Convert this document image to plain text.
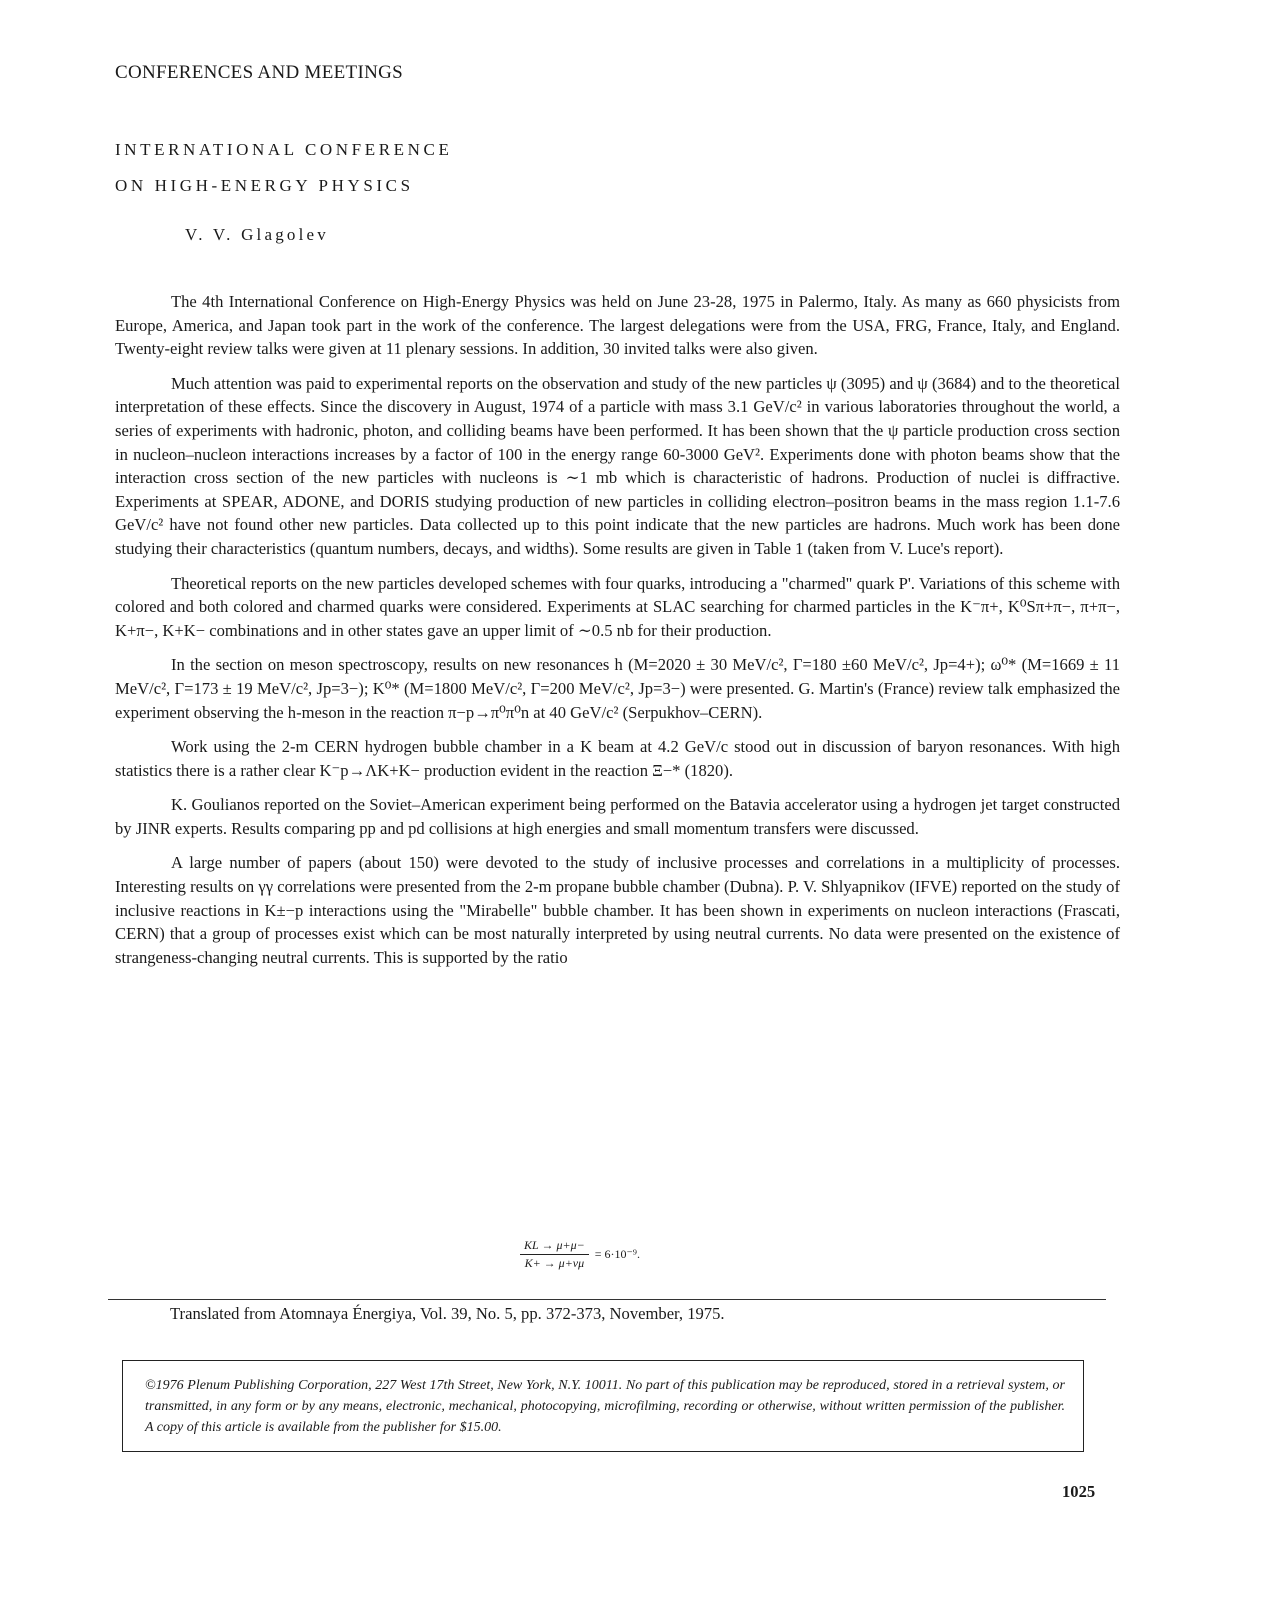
CONFERENCES AND MEETINGS
INTERNATIONAL CONFERENCE
ON HIGH-ENERGY PHYSICS
V. V. Glagolev

The 4th International Conference on High-Energy Physics was held on June 23-28, 1975 in Palermo, Italy. As many as 660 physicists from Europe, America, and Japan took part in the work of the conference. The largest delegations were from the USA, FRG, France, Italy, and England. Twenty-eight review talks were given at 11 plenary sessions. In addition, 30 invited talks were also given.

Much attention was paid to experimental reports on the observation and study of the new particles ψ (3095) and ψ (3684) and to the theoretical interpretation of these effects. Since the discovery in August, 1974 of a particle with mass 3.1 GeV/c² in various laboratories throughout the world, a series of experiments with hadronic, photon, and colliding beams have been performed. It has been shown that the ψ particle production cross section in nucleon–nucleon interactions increases by a factor of 100 in the energy range 60-3000 GeV². Experiments done with photon beams show that the interaction cross section of the new particles with nucleons is ∼1 mb which is characteristic of hadrons. Production of nuclei is diffractive. Experiments at SPEAR, ADONE, and DORIS studying production of new particles in colliding electron–positron beams in the mass region 1.1-7.6 GeV/c² have not found other new particles. Data collected up to this point indicate that the new particles are hadrons. Much work has been done studying their characteristics (quantum numbers, decays, and widths). Some results are given in Table 1 (taken from V. Luce's report).

Theoretical reports on the new particles developed schemes with four quarks, introducing a "charmed" quark P'. Variations of this scheme with colored and both colored and charmed quarks were considered. Experiments at SLAC searching for charmed particles in the K⁻π+, K⁰Sπ+π−, π+π−, K+π−, K+K− combinations and in other states gave an upper limit of ∼0.5 nb for their production.

In the section on meson spectroscopy, results on new resonances h (M=2020 ± 30 MeV/c², Γ=180 ±60 MeV/c², Jp=4+); ω⁰* (M=1669 ± 11 MeV/c², Γ=173 ± 19 MeV/c², Jp=3−); K⁰* (M=1800 MeV/c², Γ=200 MeV/c², Jp=3−) were presented. G. Martin's (France) review talk emphasized the experiment observing the h-meson in the reaction π−p→π⁰π⁰n at 40 GeV/c² (Serpukhov–CERN).

Work using the 2-m CERN hydrogen bubble chamber in a K beam at 4.2 GeV/c stood out in discussion of baryon resonances. With high statistics there is a rather clear K⁻p→ΛK+K− production evident in the reaction Ξ−* (1820).

K. Goulianos reported on the Soviet–American experiment being performed on the Batavia accelerator using a hydrogen jet target constructed by JINR experts. Results comparing pp and pd collisions at high energies and small momentum transfers were discussed.

A large number of papers (about 150) were devoted to the study of inclusive processes and correlations in a multiplicity of processes. Interesting results on γγ correlations were presented from the 2-m propane bubble chamber (Dubna). P. V. Shlyapnikov (IFVE) reported on the study of inclusive reactions in K±−p interactions using the "Mirabelle" bubble chamber. It has been shown in experiments on nucleon interactions (Frascati, CERN) that a group of processes exist which can be most naturally interpreted by using neutral currents. No data were presented on the existence of strangeness-changing neutral currents. This is supported by the ratio

$\frac{KL \to \mu+\mu-}{K+ \to \mu+\nu\mu} = 6\cdot 10^{-9}$.
Translated from Atomnaya Énergiya, Vol. 39, No. 5, pp. 372-373, November, 1975.
©1976 Plenum Publishing Corporation, 227 West 17th Street, New York, N.Y. 10011. No part of this publication may be reproduced, stored in a retrieval system, or transmitted, in any form or by any means, electronic, mechanical, photocopying, microfilming, recording or otherwise, without written permission of the publisher. A copy of this article is available from the publisher for $15.00.
1025
